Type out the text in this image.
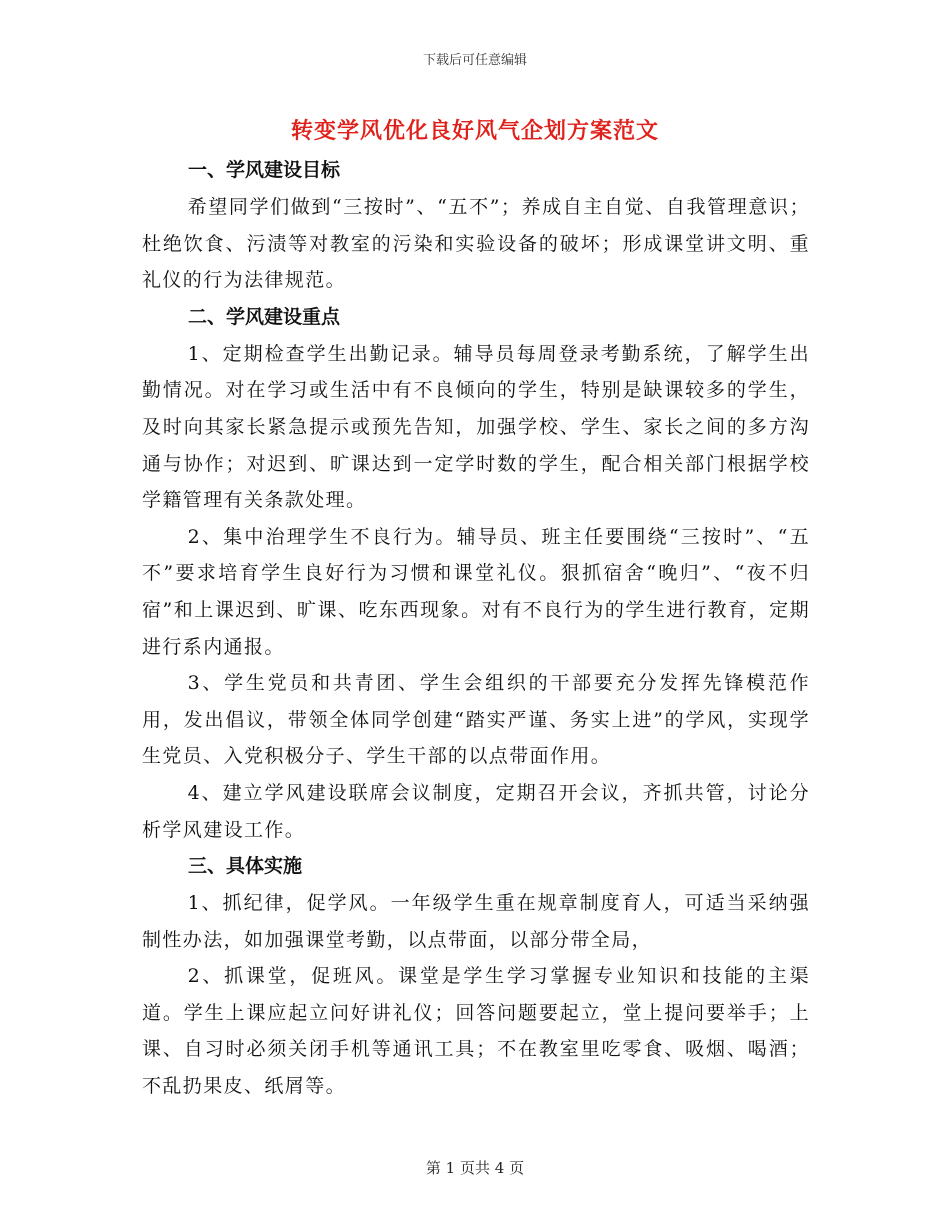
下载后可任意编辑
转变学风优化良好风气企划方案范文
一、学风建设目标

希望同学们做到“三按时”、“五不”；养成自主自觉、自我管理意识；杜绝饮食、污渍等对教室的污染和实验设备的破坏；形成课堂讲文明、重礼仪的行为法律规范。

二、学风建设重点

1、定期检查学生出勤记录。辅导员每周登录考勤系统，了解学生出勤情况。对在学习或生活中有不良倾向的学生，特别是缺课较多的学生，及时向其家长紧急提示或预先告知，加强学校、学生、家长之间的多方沟通与协作；对迟到、旷课达到一定学时数的学生，配合相关部门根据学校学籍管理有关条款处理。

2、集中治理学生不良行为。辅导员、班主任要围绕“三按时”、“五不”要求培育学生良好行为习惯和课堂礼仪。狠抓宿舍“晚归”、“夜不归宿”和上课迟到、旷课、吃东西现象。对有不良行为的学生进行教育，定期进行系内通报。

3、学生党员和共青团、学生会组织的干部要充分发挥先锋模范作用，发出倡议，带领全体同学创建“踏实严谨、务实上进”的学风，实现学生党员、入党积极分子、学生干部的以点带面作用。

4、建立学风建设联席会议制度，定期召开会议，齐抓共管，讨论分析学风建设工作。

三、具体实施

1、抓纪律，促学风。一年级学生重在规章制度育人，可适当采纳强制性办法，如加强课堂考勤，以点带面，以部分带全局，

2、抓课堂，促班风。课堂是学生学习掌握专业知识和技能的主渠道。学生上课应起立问好讲礼仪；回答问题要起立，堂上提问要举手；上课、自习时必须关闭手机等通讯工具；不在教室里吃零食、吸烟、喝酒；不乱扔果皮、纸屑等。

第 1 页共 4 页
